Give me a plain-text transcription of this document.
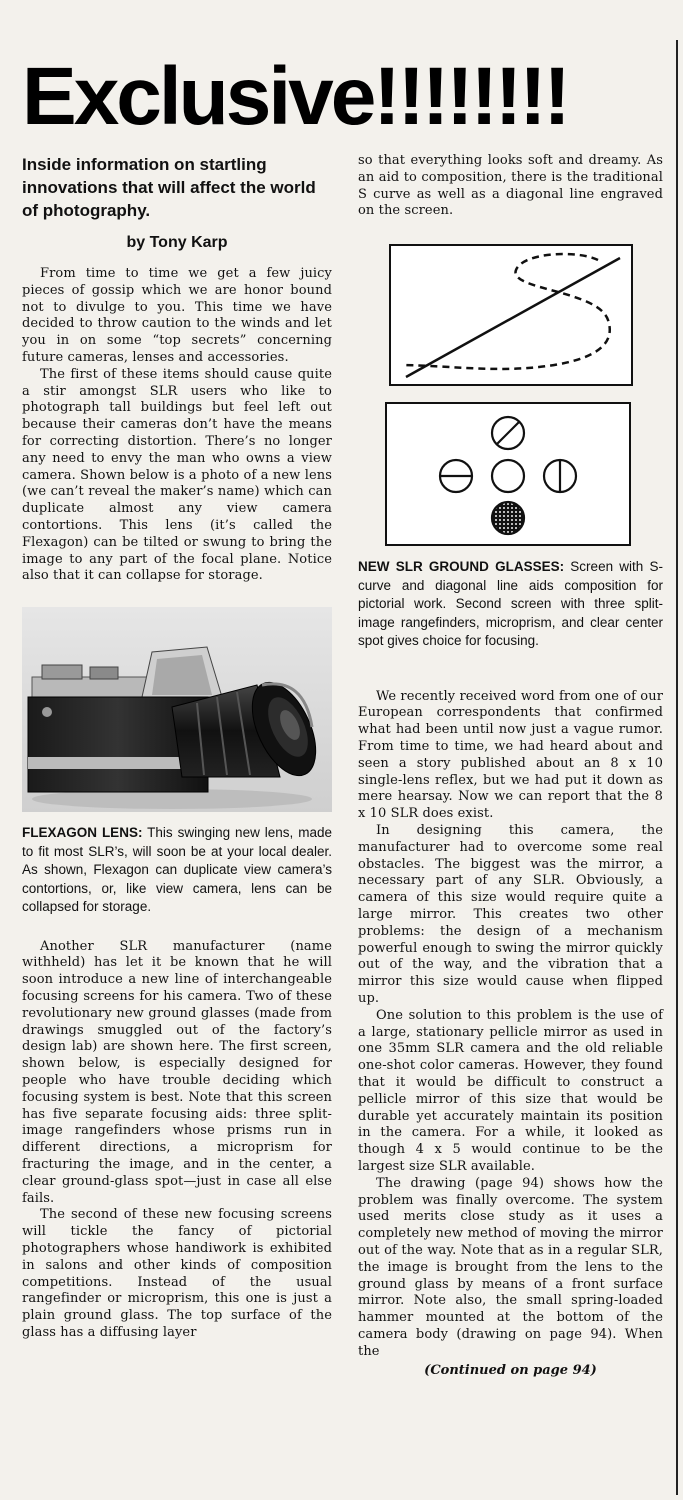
Exclusive!!!!!!!!
Inside information on startling innovations that will affect the world of photography.
by Tony Karp

From time to time we get a few juicy pieces of gossip which we are honor bound not to divulge to you. This time we have decided to throw caution to the winds and let you in on some “top secrets” concerning future cameras, lenses and accessories.

The first of these items should cause quite a stir amongst SLR users who like to photograph tall buildings but feel left out because their cameras don’t have the means for correcting distortion. There’s no longer any need to envy the man who owns a view camera. Shown below is a photo of a new lens (we can’t reveal the maker’s name) which can duplicate almost any view camera contortions. This lens (it’s called the Flexagon) can be tilted or swung to bring the image to any part of the focal plane. Notice also that it can collapse for storage.

FLEXAGON LENS: This swinging new lens, made to fit most SLR’s, will soon be at your local dealer. As shown, Flexagon can duplicate view camera’s contortions, or, like view camera, lens can be collapsed for storage.

Another SLR manufacturer (name withheld) has let it be known that he will soon introduce a new line of interchangeable focusing screens for his camera. Two of these revolutionary new ground glasses (made from drawings smuggled out of the factory’s design lab) are shown here. The first screen, shown below, is especially designed for people who have trouble deciding which focusing system is best. Note that this screen has five separate focusing aids: three split-image rangefinders whose prisms run in different directions, a microprism for fracturing the image, and in the center, a clear ground-glass spot—just in case all else fails.

The second of these new focusing screens will tickle the fancy of pictorial photographers whose handiwork is exhibited in salons and other kinds of composition competitions. Instead of the usual rangefinder or microprism, this one is just a plain ground glass. The top surface of the glass has a diffusing layer

so that everything looks soft and dreamy. As an aid to composition, there is the traditional S curve as well as a diagonal line engraved on the screen.

NEW SLR GROUND GLASSES: Screen with S-curve and diagonal line aids composition for pictorial work. Second screen with three split-image rangefinders, microprism, and clear center spot gives choice for focusing.

We recently received word from one of our European correspondents that confirmed what had been until now just a vague rumor. From time to time, we had heard about and seen a story published about an 8 x 10 single-lens reflex, but we had put it down as mere hearsay. Now we can report that the 8 x 10 SLR does exist.

In designing this camera, the manufacturer had to overcome some real obstacles. The biggest was the mirror, a necessary part of any SLR. Obviously, a camera of this size would require quite a large mirror. This creates two other problems: the design of a mechanism powerful enough to swing the mirror quickly out of the way, and the vibration that a mirror this size would cause when flipped up.

One solution to this problem is the use of a large, stationary pellicle mirror as used in one 35mm SLR camera and the old reliable one-shot color cameras. However, they found that it would be difficult to construct a pellicle mirror of this size that would be durable yet accurately maintain its position in the camera. For a while, it looked as though 4 x 5 would continue to be the largest size SLR available.

The drawing (page 94) shows how the problem was finally overcome. The system used merits close study as it uses a completely new method of moving the mirror out of the way. Note that as in a regular SLR, the image is brought from the lens to the ground glass by means of a front surface mirror. Note also, the small spring-loaded hammer mounted at the bottom of the camera body (drawing on page 94). When the

(Continued on page 94)
